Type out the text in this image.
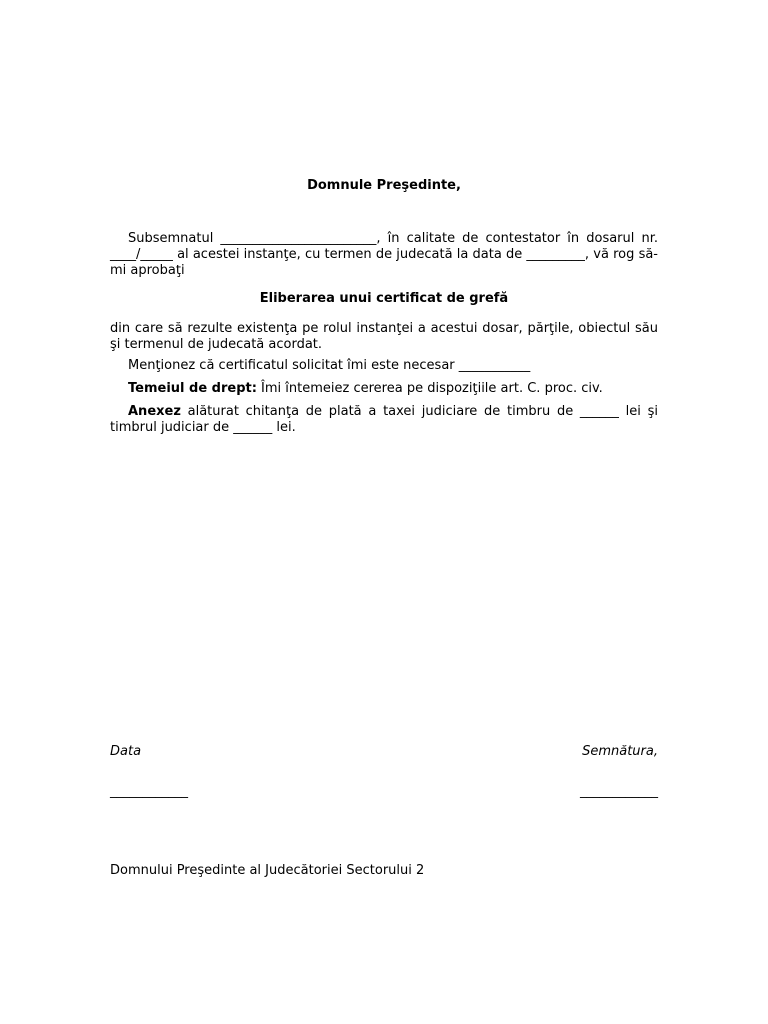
Domnule Preşedinte,
Subsemnatul ________________________, în calitate de contestator în dosarul nr. ____/_____ al acestei instanţe, cu termen de judecată la data de _________, vă rog să-mi aprobaţi
Eliberarea unui certificat de grefă
din care să rezulte existenţa pe rolul instanţei a acestui dosar, părţile, obiectul său şi termenul de judecată acordat.
Menţionez că certificatul solicitat îmi este necesar ___________
Temeiul de drept: Îmi întemeiez cererea pe dispoziţiile art. C. proc. civ.
Anexez alăturat chitanţa de plată a taxei judiciare de timbru de ______ lei şi timbrul judiciar de ______ lei.
Data	Semnătura,
____________	____________
Domnului Preşedinte al Judecătoriei Sectorului 2
